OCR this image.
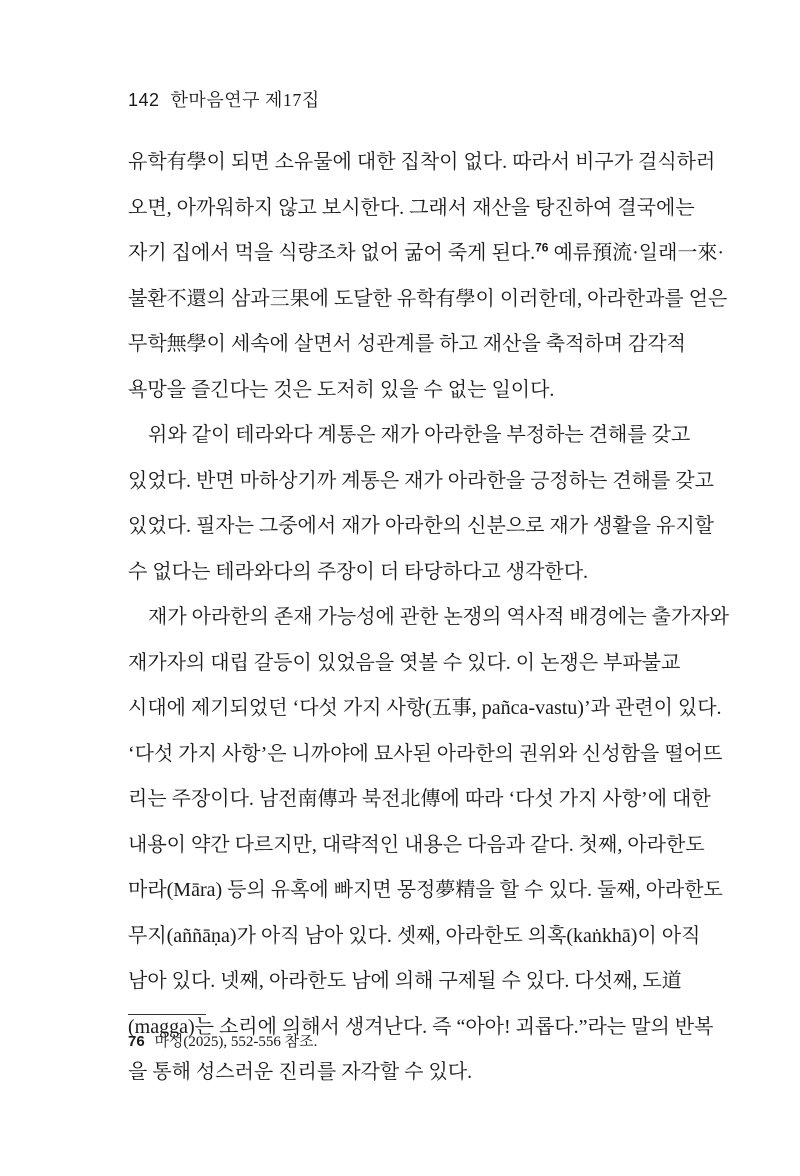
142 한마음연구 제17집
유학有學이 되면 소유물에 대한 집착이 없다. 따라서 비구가 걸식하러
오면, 아까워하지 않고 보시한다. 그래서 재산을 탕진하여 결국에는
자기 집에서 먹을 식량조차 없어 굶어 죽게 된다.$^{76}$ 예류預流·일래一來·
불환不還의 삼과三果에 도달한 유학有學이 이러한데, 아라한과를 얻은
무학無學이 세속에 살면서 성관계를 하고 재산을 축적하며 감각적
욕망을 즐긴다는 것은 도저히 있을 수 없는 일이다.
위와 같이 테라와다 계통은 재가 아라한을 부정하는 견해를 갖고
있었다. 반면 마하상기까 계통은 재가 아라한을 긍정하는 견해를 갖고
있었다. 필자는 그중에서 재가 아라한의 신분으로 재가 생활을 유지할
수 없다는 테라와다의 주장이 더 타당하다고 생각한다.
재가 아라한의 존재 가능성에 관한 논쟁의 역사적 배경에는 출가자와
재가자의 대립 갈등이 있었음을 엿볼 수 있다. 이 논쟁은 부파불교
시대에 제기되었던 ‘다섯 가지 사항(五事, pañca-vastu)’과 관련이 있다.
‘다섯 가지 사항’은 니까야에 묘사된 아라한의 권위와 신성함을 떨어뜨
리는 주장이다. 남전南傳과 북전北傳에 따라 ‘다섯 가지 사항’에 대한
내용이 약간 다르지만, 대략적인 내용은 다음과 같다. 첫째, 아라한도
마라(Māra) 등의 유혹에 빠지면 몽정夢精을 할 수 있다. 둘째, 아라한도
무지(aññāṇa)가 아직 남아 있다. 셋째, 아라한도 의혹(kaṅkhā)이 아직
남아 있다. 넷째, 아라한도 남에 의해 구제될 수 있다. 다섯째, 도道
(magga)는 소리에 의해서 생겨난다. 즉 “아아! 괴롭다.”라는 말의 반복
을 통해 성스러운 진리를 자각할 수 있다.
76 마성(2025), 552-556 참조.
